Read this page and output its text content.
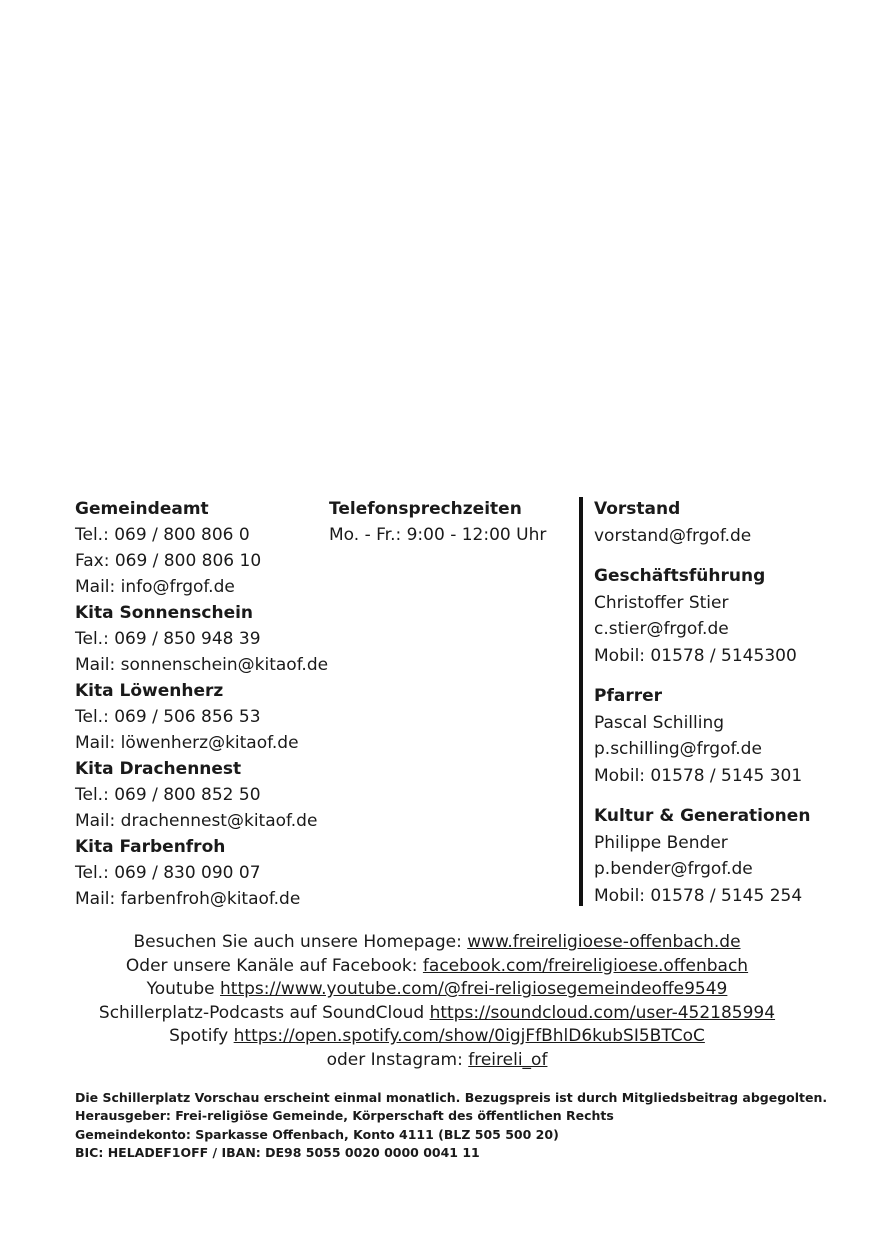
Gemeindeamt
Tel.: 069 / 800 806 0
Fax: 069 / 800 806 10
Mail: info@frgof.de
Kita Sonnenschein
Tel.: 069 / 850 948 39
Mail: sonnenschein@kitaof.de
Kita Löwenherz
Tel.: 069 / 506 856 53
Mail: löwenherz@kitaof.de
Kita Drachennest
Tel.: 069 / 800 852 50
Mail: drachennest@kitaof.de
Kita Farbenfroh
Tel.: 069 / 830 090 07
Mail: farbenfroh@kitaof.de
Telefonsprechzeiten
Mo. - Fr.: 9:00 - 12:00 Uhr
Vorstand
vorstand@frgof.de
Geschäftsführung
Christoffer Stier
c.stier@frgof.de
Mobil: 01578 / 5145300
Pfarrer
Pascal Schilling
p.schilling@frgof.de
Mobil: 01578 / 5145 301
Kultur & Generationen
Philippe Bender
p.bender@frgof.de
Mobil: 01578 / 5145 254
Besuchen Sie auch unsere Homepage: www.freireligioese-offenbach.de
Oder unsere Kanäle auf Facebook: facebook.com/freireligioese.offenbach
Youtube https://www.youtube.com/@frei-religiosegemeindeoffe9549
Schillerplatz-Podcasts auf SoundCloud https://soundcloud.com/user-452185994
Spotify https://open.spotify.com/show/0igjFfBhlD6kubSI5BTCoC
oder Instagram: freireli_of
Die Schillerplatz Vorschau erscheint einmal monatlich. Bezugspreis ist durch Mitgliedsbeitrag abgegolten.
Herausgeber: Frei-religiöse Gemeinde, Körperschaft des öffentlichen Rechts
Gemeindekonto: Sparkasse Offenbach, Konto 4111 (BLZ 505 500 20)
BIC: HELADEF1OFF / IBAN: DE98 5055 0020 0000 0041 11
